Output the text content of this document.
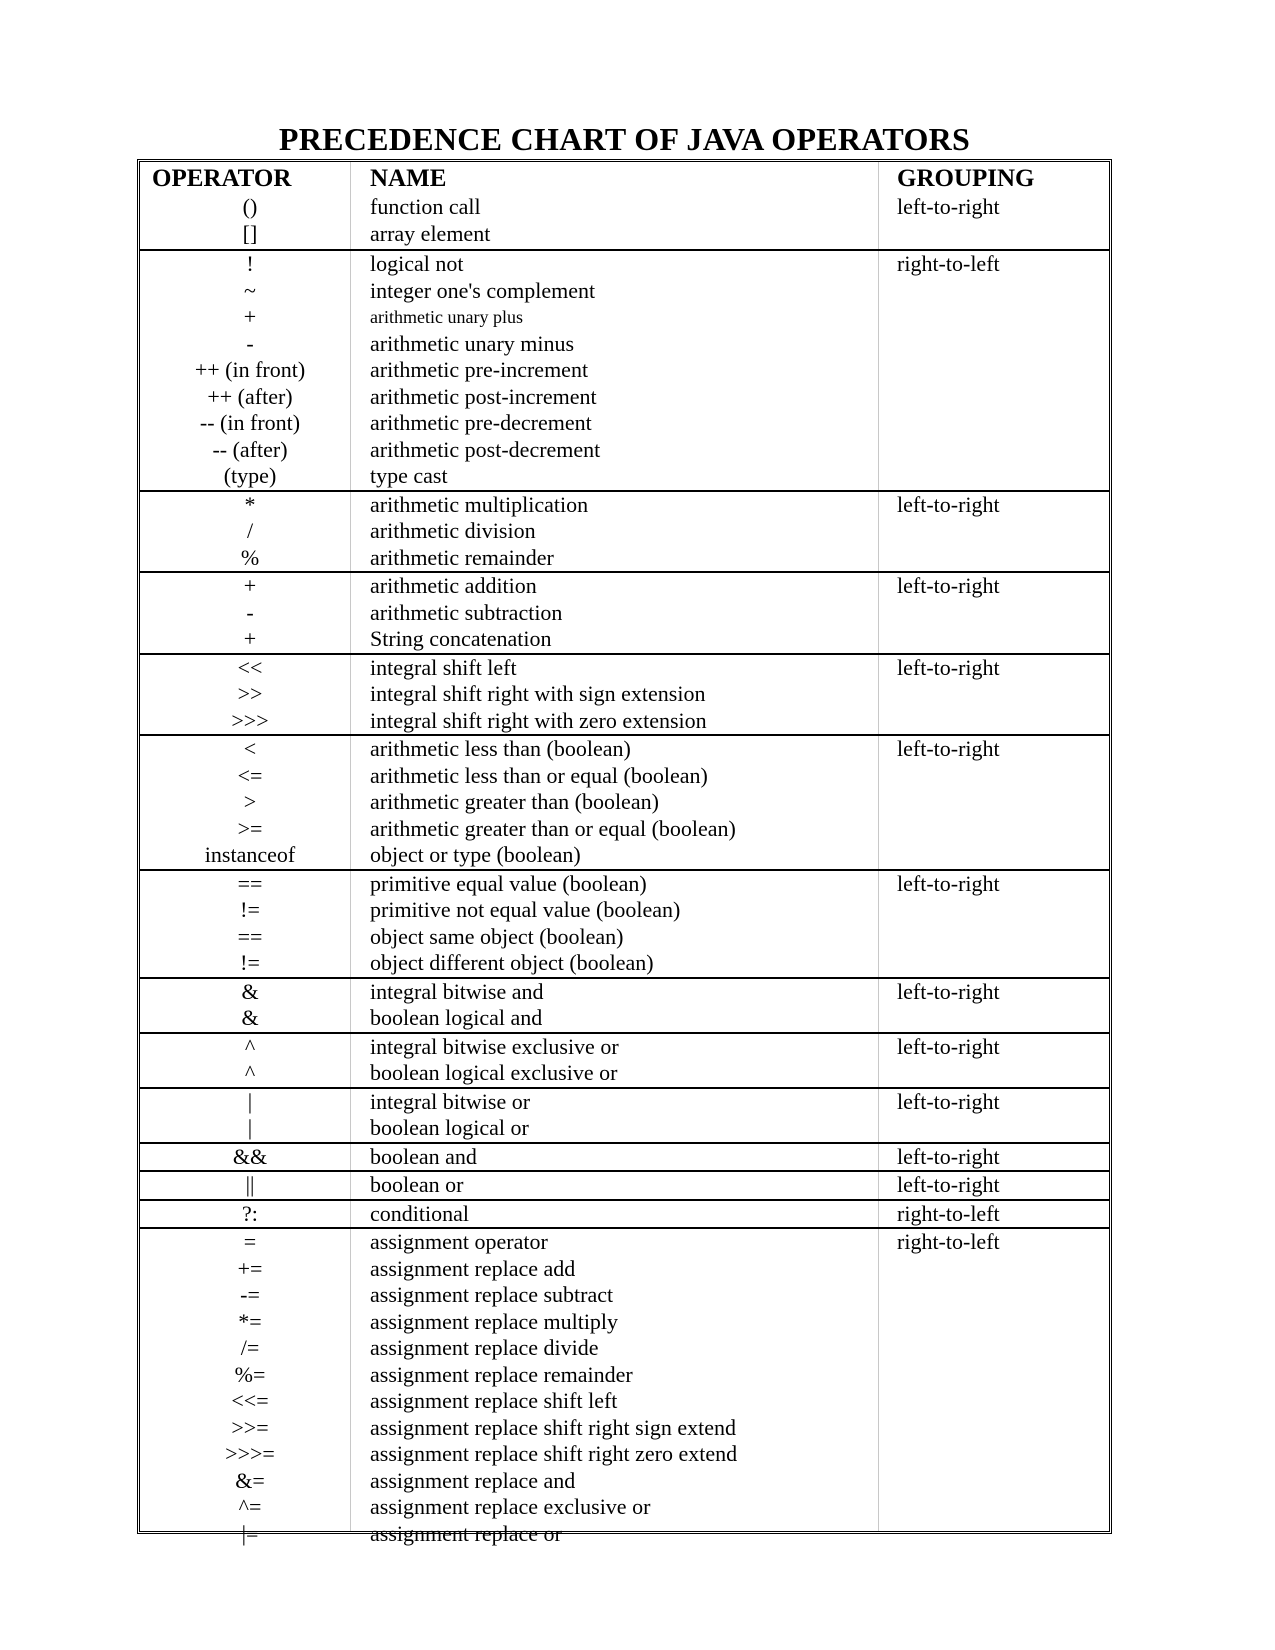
PRECEDENCE CHART OF JAVA OPERATORS
OPERATOR	NAME	GROUPING
()	function call	left-to-right
[]	array element
!	logical not	right-to-left
~	integer one's complement
+	arithmetic unary plus
-	arithmetic unary minus
++ (in front)	arithmetic pre-increment
++ (after)	arithmetic post-increment
-- (in front)	arithmetic pre-decrement
-- (after)	arithmetic post-decrement
(type)	type cast
*	arithmetic multiplication	left-to-right
/	arithmetic division
%	arithmetic remainder
+	arithmetic addition	left-to-right
-	arithmetic subtraction
+	String concatenation
<<	integral shift left	left-to-right
>>	integral shift right with sign extension
>>>	integral shift right with zero extension
<	arithmetic less than (boolean)	left-to-right
<=	arithmetic less than or equal (boolean)
>	arithmetic greater than (boolean)
>=	arithmetic greater than or equal (boolean)
instanceof	object or type (boolean)
==	primitive equal value (boolean)	left-to-right
!=	primitive not equal value (boolean)
==	object same object (boolean)
!=	object different object (boolean)
&	integral bitwise and	left-to-right
&	boolean logical and
^	integral bitwise exclusive or	left-to-right
^	boolean logical exclusive or
|	integral bitwise or	left-to-right
|	boolean logical or
&&	boolean and	left-to-right
||	boolean or	left-to-right
?:	conditional	right-to-left
=	assignment operator	right-to-left
+=	assignment replace add
-=	assignment replace subtract
*=	assignment replace multiply
/=	assignment replace divide
%=	assignment replace remainder
<<=	assignment replace shift left
>>=	assignment replace shift right sign extend
>>>=	assignment replace shift right zero extend
&=	assignment replace and
^=	assignment replace exclusive or
|=	assignment replace or
